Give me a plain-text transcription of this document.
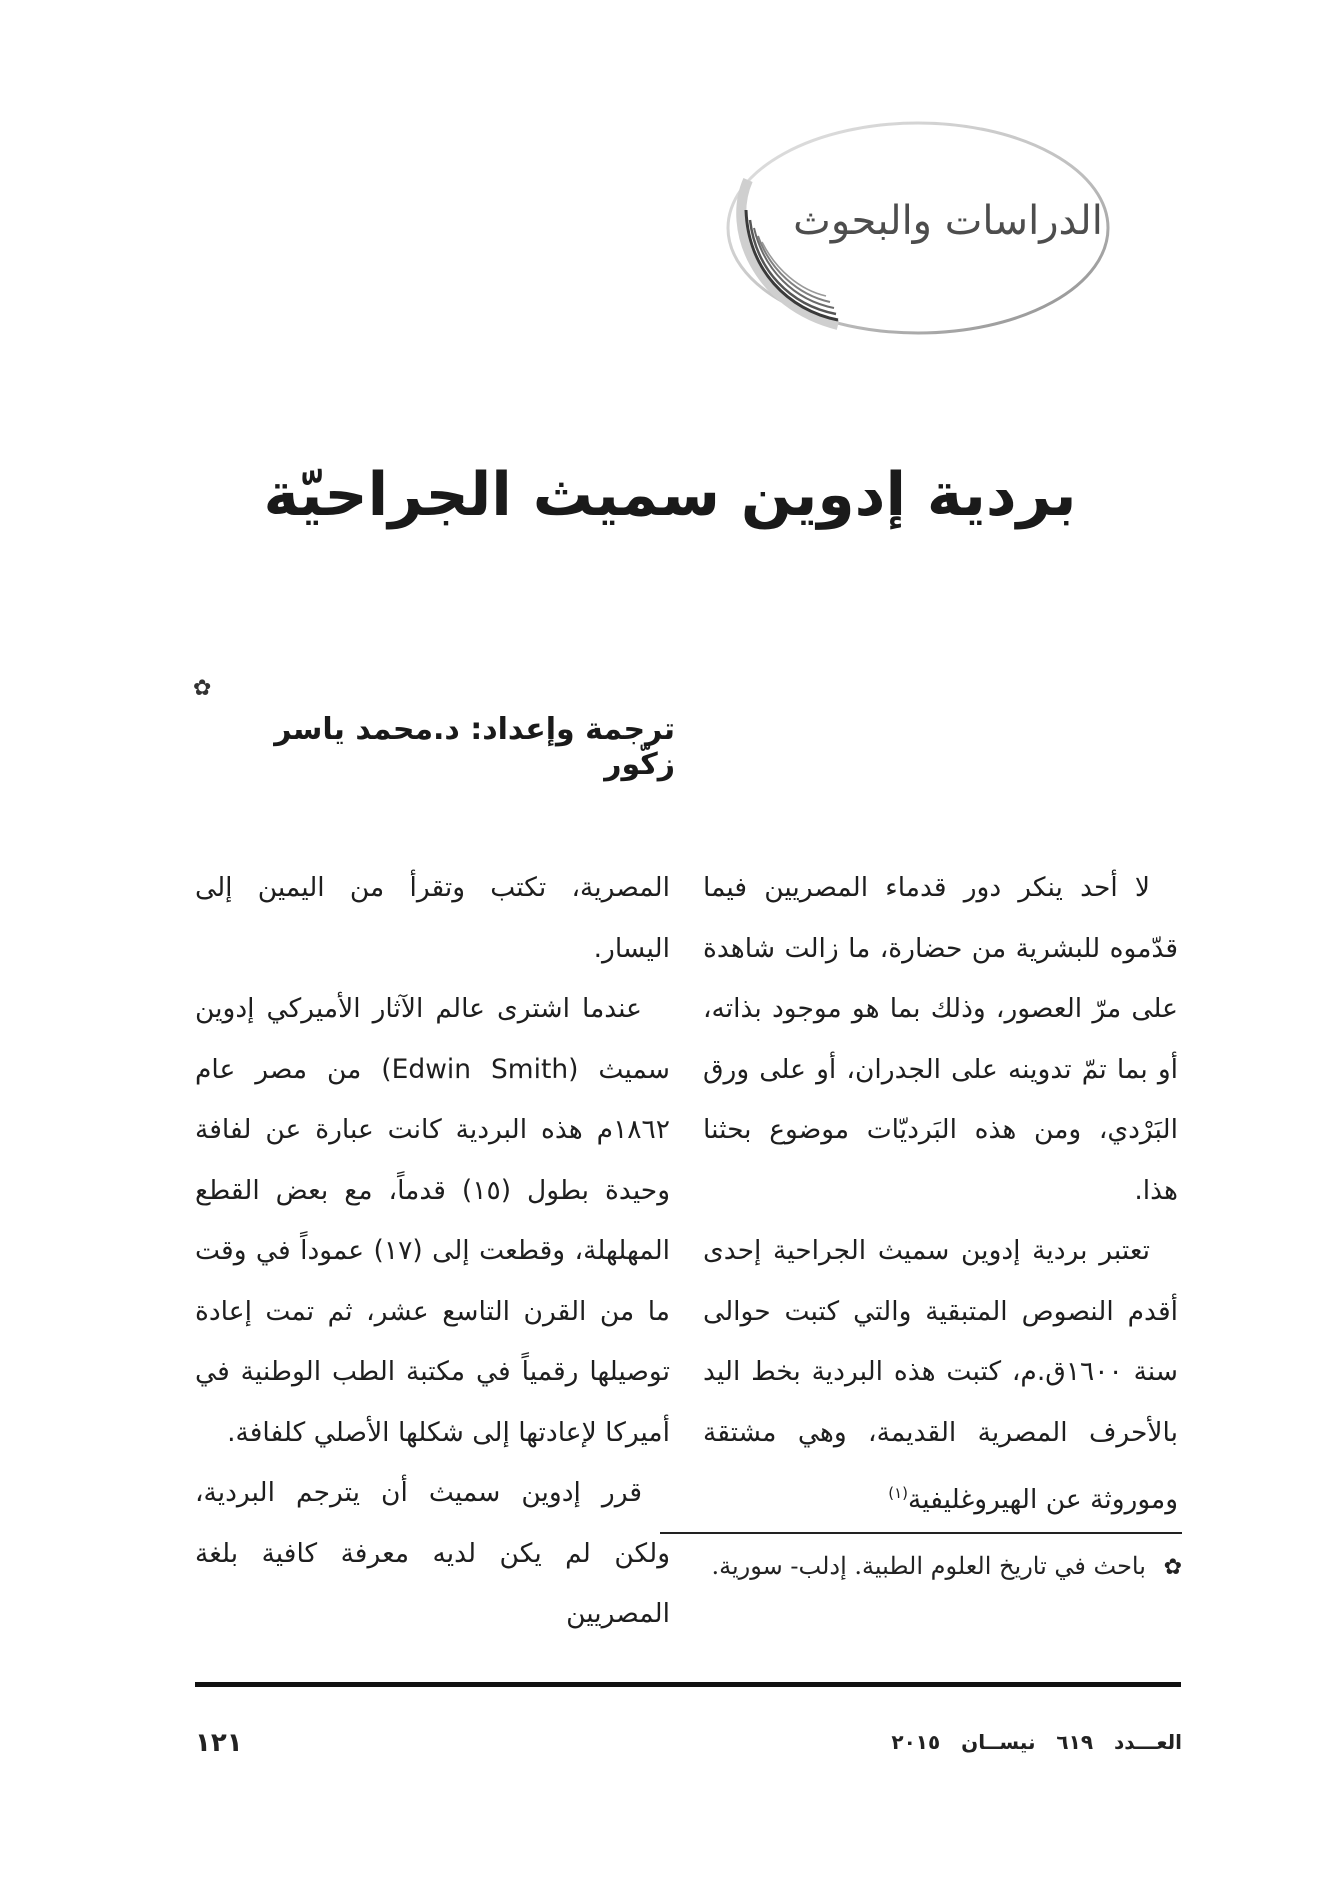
الدراسات والبحوث
بردية إدوين سميث الجراحيّة
✿
ترجمة وإعداد: د.محمد ياسر زكّور

لا أحد ينكر دور قدماء المصريين فيما قدّموه للبشرية من حضارة، ما زالت شاهدة على مرّ العصور، وذلك بما هو موجود بذاته، أو بما تمّ تدوينه على الجدران، أو على ورق البَرْدي، ومن هذه البَرديّات موضوع بحثنا هذا.

تعتبر بردية إدوين سميث الجراحية إحدى أقدم النصوص المتبقية والتي كتبت حوالى سنة ١٦٠٠ق.م، كتبت هذه البردية بخط اليد بالأحرف المصرية القديمة، وهي مشتقة وموروثة عن الهيروغليفية$^{(١)}$

المصرية، تكتب وتقرأ من اليمين إلى اليسار.

عندما اشترى عالم الآثار الأميركي إدوين سميث (Edwin Smith) من مصر عام ١٨٦٢م هذه البردية كانت عبارة عن لفافة وحيدة بطول (١٥) قدماً، مع بعض القطع المهلهلة، وقطعت إلى (١٧) عموداً في وقت ما من القرن التاسع عشر، ثم تمت إعادة توصيلها رقمياً في مكتبة الطب الوطنية في أميركا لإعادتها إلى شكلها الأصلي كلفافة.

قرر إدوين سميث أن يترجم البردية، ولكن لم يكن لديه معرفة كافية بلغة المصريين

✿ باحث في تاريخ العلوم الطبية. إدلب- سورية.
العـــدد ٦١٩ نيســان ٢٠١٥
١٢١
